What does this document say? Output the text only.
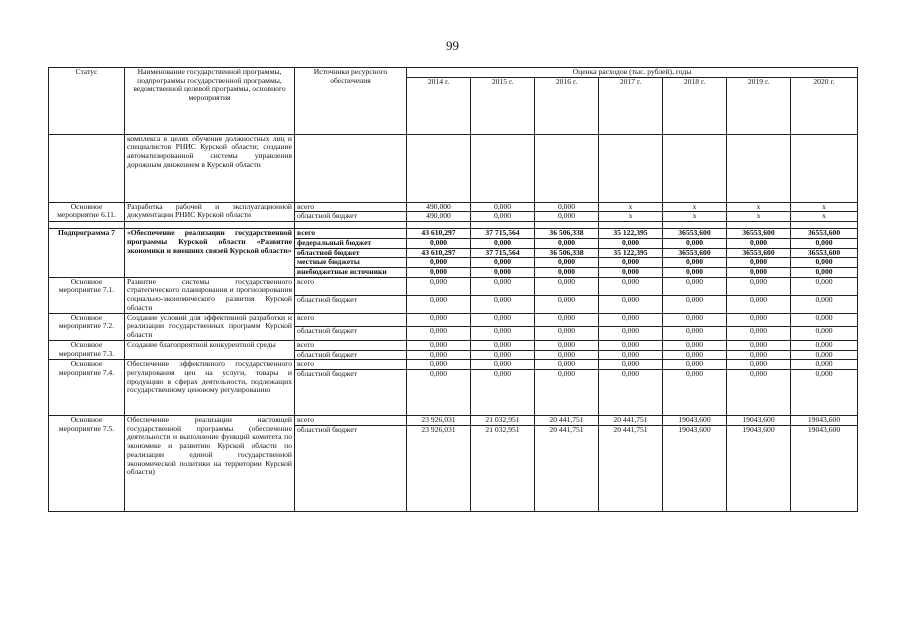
99
Статус	Наименование государственной программы, подпрограммы государственной программы, ведомственной целевой программы, основного мероприятия	Источники ресурсного обеспечения	Оценка расходов (тыс. рублей), годы						
			2014 г.	2015 г.	2016 г.	2017 г.	2018 г.	2019 г.	2020 г.
	комплекса в целях обучения должностных лиц и специалистов РНИС Курской области; создание автоматизированной системы управления дорожным движением в Курской области								
Основное мероприятие 6.11.	Разработка рабочей и эксплуатационной документации РНИС Курской области	всего	490,000	0,000	0,000	x	x	x	x
		областной бюджет	490,000	0,000	0,000	x	x	x	x

Подпрограмма 7	«Обеспечение реализации государственной программы Курской области «Развитие экономики и внешних связей Курской области»	всего	43 610,297	37 715,564	36 506,338	35 122,395	36553,600	36553,600	36553,600
		федеральный бюджет	0,000	0,000	0,000	0,000	0,000	0,000	0,000
		областной бюджет	43 610,297	37 715,564	36 506,338	35 122,395	36553,600	36553,600	36553,600
		местные бюджеты	0,000	0,000	0,000	0,000	0,000	0,000	0,000
		внебюджетные источники	0,000	0,000	0,000	0,000	0,000	0,000	0,000
Основное мероприятие 7.1.	Развитие системы государственного стратегического планирования и прогнозирования социально-экономического развития Курской области	всего	0,000	0,000	0,000	0,000	0,000	0,000	0,000
		областной бюджет	0,000	0,000	0,000	0,000	0,000	0,000	0,000
Основное мероприятие 7.2.	Создание условий для эффективной разработки и реализации государственных программ Курской области	всего	0,000	0,000	0,000	0,000	0,000	0,000	0,000
		областной бюджет	0,000	0,000	0,000	0,000	0,000	0,000	0,000
Основное мероприятие 7.3.	Создание благоприятной конкурентной среды	всего	0,000	0,000	0,000	0,000	0,000	0,000	0,000
		областной бюджет	0,000	0,000	0,000	0,000	0,000	0,000	0,000
Основное мероприятие 7.4.	Обеспечение эффективного государственного регулирования цен на услуги, товары и продукцию в сферах деятельности, подлежащих государственному ценовому регулированию	всего	0,000	0,000	0,000	0,000	0,000	0,000	0,000
		областной бюджет	0,000	0,000	0,000	0,000	0,000	0,000	0,000
Основное мероприятие 7.5.	Обеспечение реализации настоящей государственной программы (обеспечение деятельности и выполнение функций комитета по экономике и развитию Курской области по реализации единой государственной экономической политики на территории Курской области)	всего	23 926,031	21 032,951	20 441,751	20 441,751	19043,600	19043,600	19043,600
		областной бюджет	23 926,031	21 032,951	20 441,751	20 441,751	19043,600	19043,600	19043,600
